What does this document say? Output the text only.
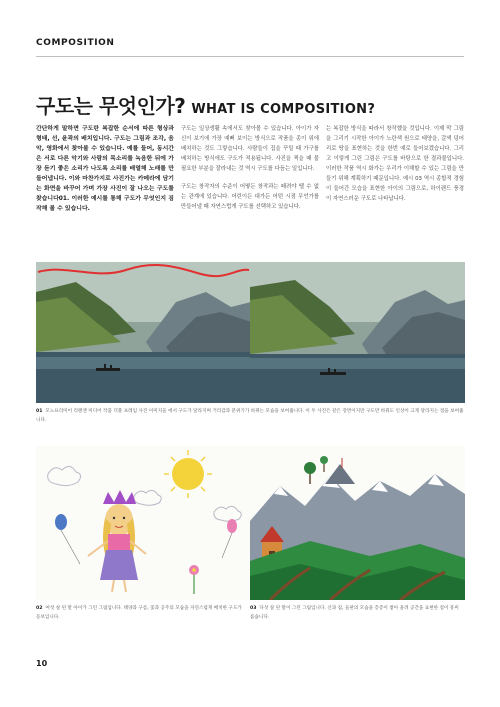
COMPOSITION
구도는 무엇인가? WHAT IS COMPOSITION?
간단하게 말하면 구도란 복잡한 순서에 따른 형상과 형태, 선, 윤곽의 배치입니다. 구도는 그림과 조각, 음악, 영화에서 찾아볼 수 있습니다. 예를 들어, 동시간은 서로 다른 악기와 사람의 목소리를 녹음한 뒤에 가장 듣기 좋은 소리가 나도록 소리를 배열해 노래를 만들어냅니다. 이와 마찬가지로 사진가는 카메라에 담기는 화면을 바꾸어 가며 가장 사진이 잘 나오는 구도를 찾습니다01. 이러한 예시를 통해 구도가 무엇인지 짐작해 볼 수 있습니다.

구도는 일상생활 속에서도 찾아볼 수 있습니다. 아이가 자신이 보기에 가장 예뻐 보이는 방식으로 작품을 종이 위에 배치하는 것도 그렇습니다. 사람들이 집을 꾸밀 때 가구를 배치하는 방식에도 구도가 적용됩니다. 사진을 찍을 때 불필요한 부분을 잘라내는 것 역시 구도를 다듬는 일입니다.

구도는 창작자의 수준이 어떻든 창작과는 떼려야 뗄 수 없는 관계에 있습니다. 어린이든 대가든 어떤 시점 무언가를 만들어낼 때 자연스럽게 구도를 선택하고 있습니다.

는 복잡한 방식을 따라서 창작했을 것입니다. 이제 막 그림을 그리기 시작한 아이가 노란색 원으로 태양을, 갈색 덩어리로 땅을 표현하는 것을 한번 예로 들어보겠습니다. 그리고 이렇게 그린 그림은 구도를 바탕으로 한 결과물입니다. 이러한 작품 역시 화가는 우리가 이해할 수 있는 그림을 만들기 위해 계획하기 때문입니다. 예시 03 역시 종합적 경험이 들어간 모습을 표현한 아이의 그림으로, 하이랜드 풍경이 자연스러운 구도로 나타납니다.

01 모노프리미어 리랜앤 미디어 작품 더블 프레임 사진 이미지들 에서 구도가 달라지며 거리감과 분위기가 바뀌는 모습을 보여줍니다. 이 두 사진은 같은 장면이지만 구도만 바꿔도 인상이 크게 달라지는 점을 보여줍니다.
02 여섯 살 된 딸 아이가 그린 그림입니다. 태양과 구름, 꽃과 공주의 모습을 자연스럽게 배치한 구도가 돋보입니다.
03 다섯 살 된 딸이 그린 그림입니다. 산과 집, 들판의 모습을 층층이 쌓아 올려 공간을 표현한 점이 흥미롭습니다.
10
